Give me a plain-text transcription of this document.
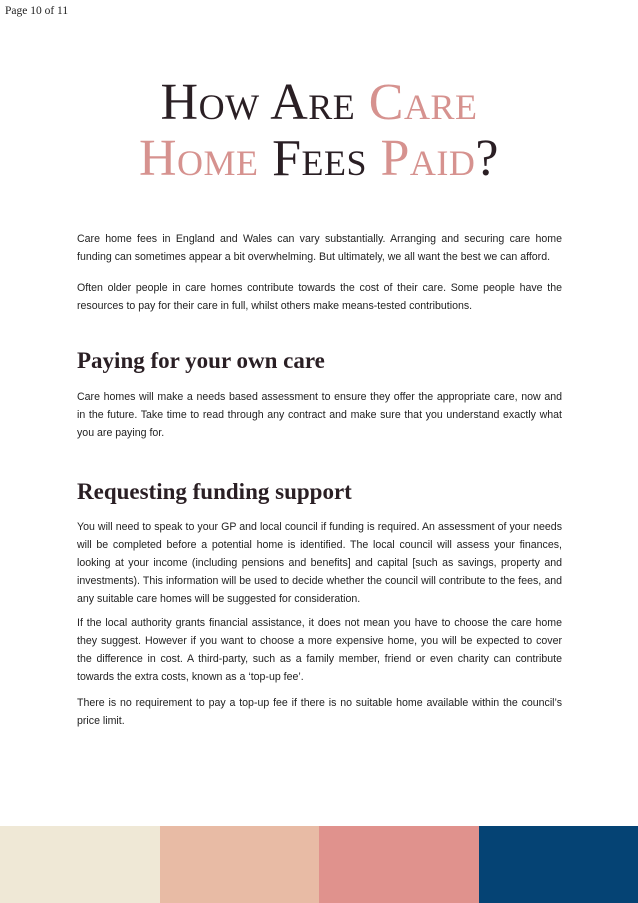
Page 10 of 11
How Are Care
Home Fees Paid?

Care home fees in England and Wales can vary substantially. Arranging and securing care home funding can sometimes appear a bit overwhelming. But ultimately, we all want the best we can afford.

Often older people in care homes contribute towards the cost of their care. Some people have the resources to pay for their care in full, whilst others make means-tested contributions.

Paying for your own care

Care homes will make a needs based assessment to ensure they offer the appropriate care, now and in the future. Take time to read through any contract and make sure that you understand exactly what you are paying for.

Requesting funding support

You will need to speak to your GP and local council if funding is required. An assessment of your needs will be completed before a potential home is identified. The local council will assess your finances, looking at your income (including pensions and benefits] and capital [such as savings, property and investments). This information will be used to decide whether the council will contribute to the fees, and any suitable care homes will be suggested for consideration.

If the local authority grants financial assistance, it does not mean you have to choose the care home they suggest. However if you want to choose a more expensive home, you will be expected to cover the difference in cost. A third-party, such as a family member, friend or even charity can contribute towards the extra costs, known as a ‘top-up fee’.

There is no requirement to pay a top-up fee if there is no suitable home available within the council’s price limit.
